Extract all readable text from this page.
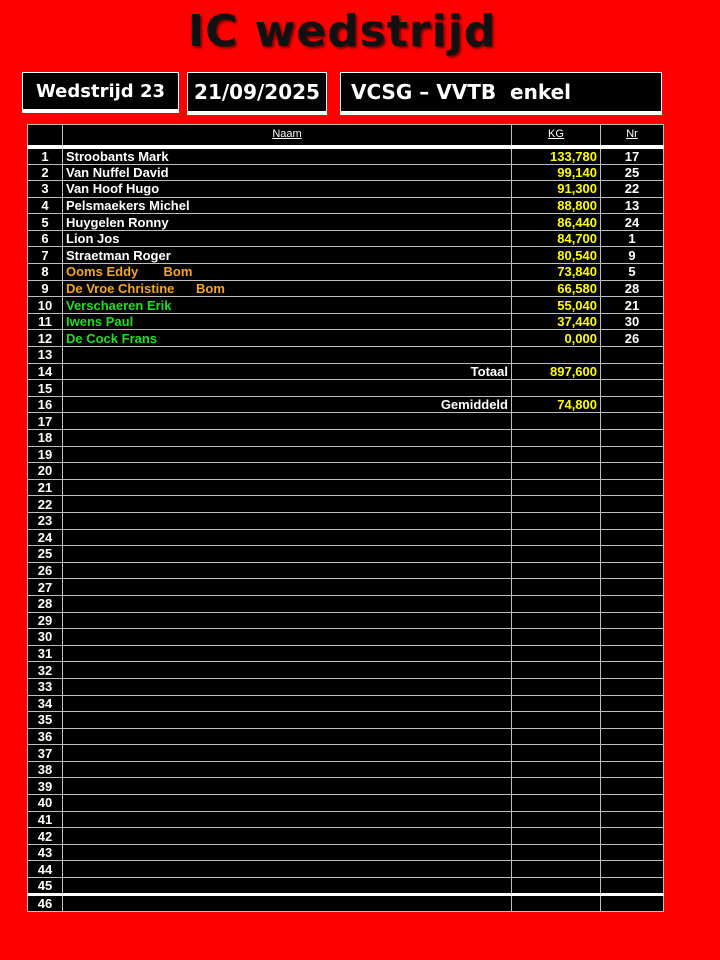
IC wedstrijd
Wedstrijd 23 21/09/2025 VCSG – VVTB  enkel
	Naam	KG	Nr
1	Stroobants Mark	133,780	17
2	Van Nuffel David	99,140	25
3	Van Hoof Hugo	91,300	22
4	Pelsmaekers Michel	88,800	13
5	Huygelen Ronny	86,440	24
6	Lion Jos	84,700	1
7	Straetman Roger	80,540	9
8	Ooms Eddy       Bom	73,840	5
9	De Vroe Christine      Bom	66,580	28
10	Verschaeren Erik	55,040	21
11	Iwens Paul	37,440	30
12	De Cock Frans	0,000	26
13			
14	Totaal	897,600	
15			
16	Gemiddeld	74,800	
17			
18			
19			
20			
21			
22			
23			
24			
25			
26			
27			
28			
29			
30			
31			
32			
33			
34			
35			
36			
37			
38			
39			
40			
41			
42			
43			
44			
45			
46			
